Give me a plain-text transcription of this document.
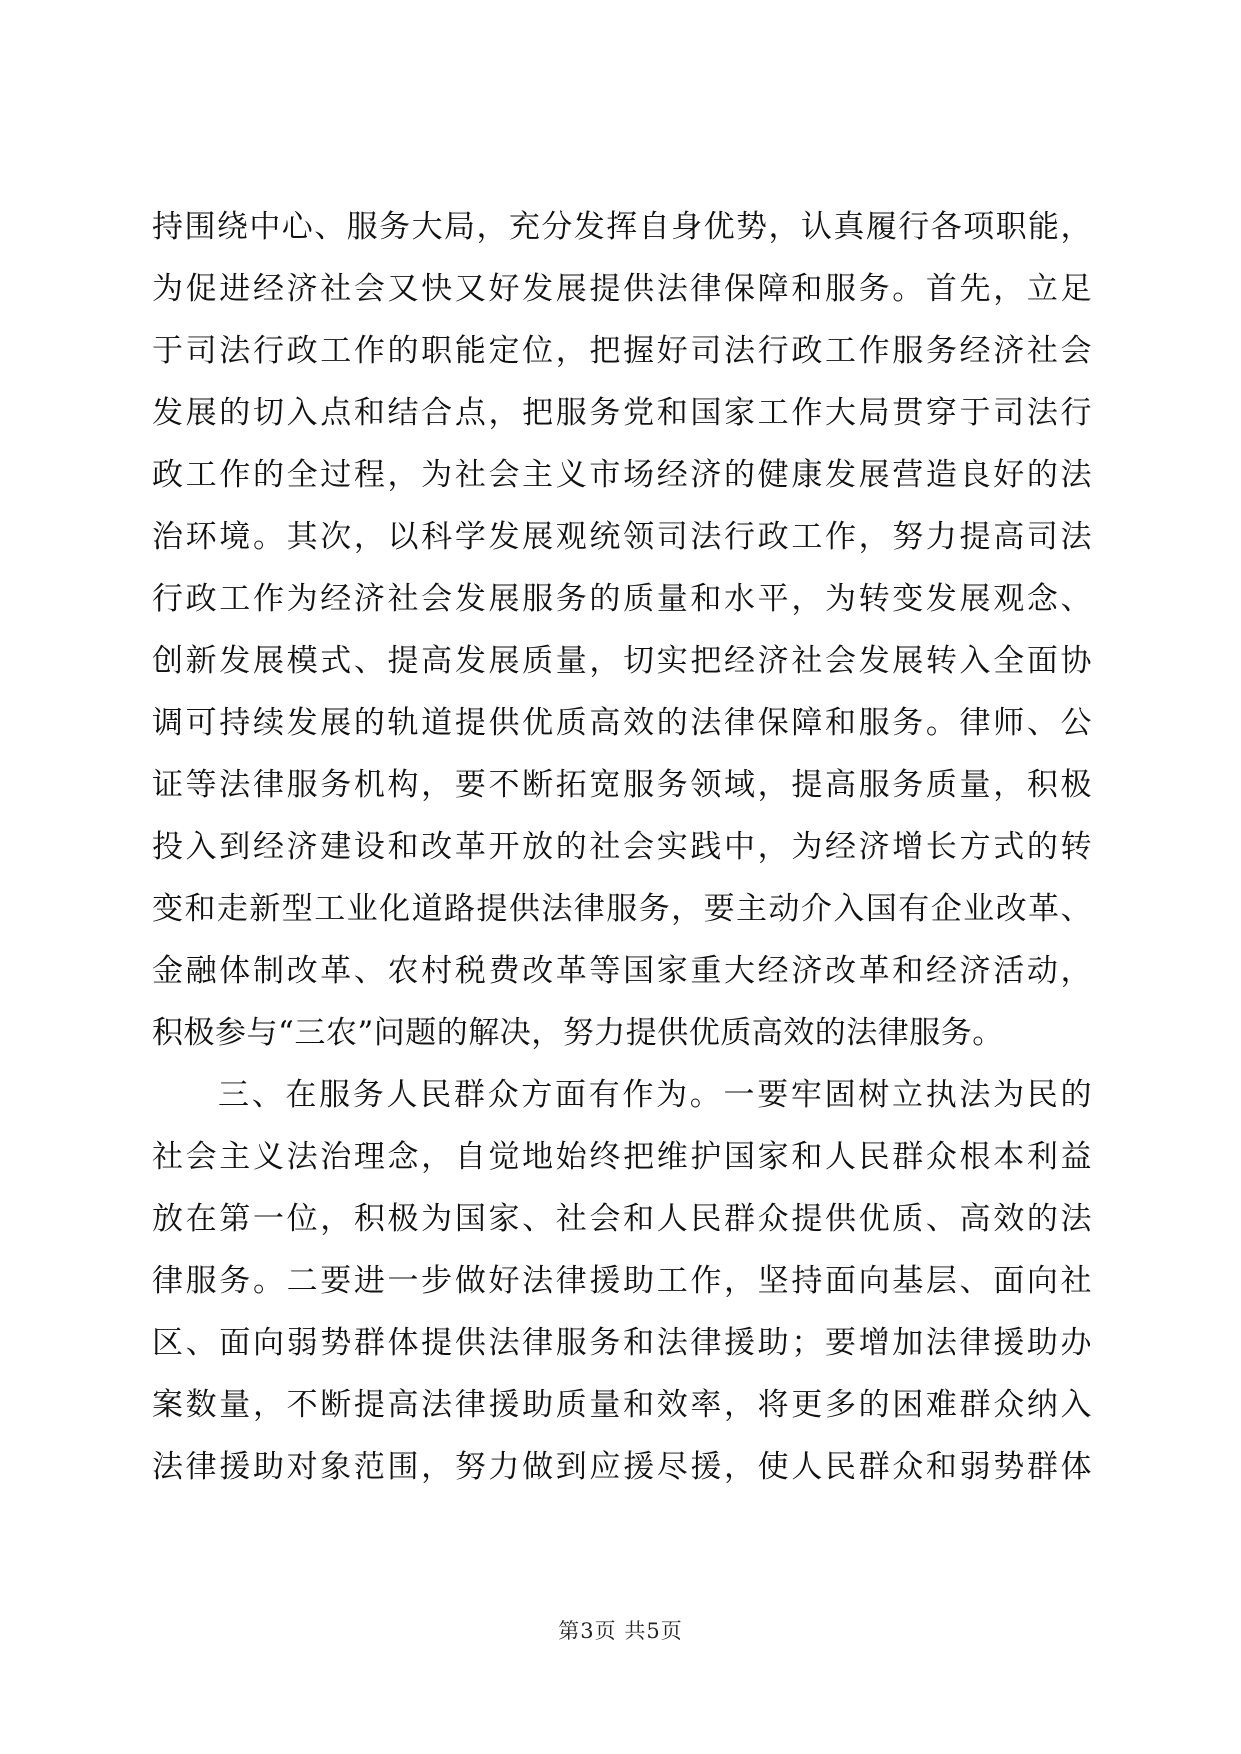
持围绕中心、服务大局，充分发挥自身优势，认真履行各项职能，
为促进经济社会又快又好发展提供法律保障和服务。首先，立足
于司法行政工作的职能定位，把握好司法行政工作服务经济社会
发展的切入点和结合点，把服务党和国家工作大局贯穿于司法行
政工作的全过程，为社会主义市场经济的健康发展营造良好的法
治环境。其次，以科学发展观统领司法行政工作，努力提高司法
行政工作为经济社会发展服务的质量和水平，为转变发展观念、
创新发展模式、提高发展质量，切实把经济社会发展转入全面协
调可持续发展的轨道提供优质高效的法律保障和服务。律师、公
证等法律服务机构，要不断拓宽服务领域，提高服务质量，积极
投入到经济建设和改革开放的社会实践中，为经济增长方式的转
变和走新型工业化道路提供法律服务，要主动介入国有企业改革、
金融体制改革、农村税费改革等国家重大经济改革和经济活动，
积极参与“三农”问题的解决，努力提供优质高效的法律服务。
三、在服务人民群众方面有作为。一要牢固树立执法为民的
社会主义法治理念，自觉地始终把维护国家和人民群众根本利益
放在第一位，积极为国家、社会和人民群众提供优质、高效的法
律服务。二要进一步做好法律援助工作，坚持面向基层、面向社
区、面向弱势群体提供法律服务和法律援助；要增加法律援助办
案数量，不断提高法律援助质量和效率，将更多的困难群众纳入
法律援助对象范围，努力做到应援尽援，使人民群众和弱势群体
第3页 共5页
